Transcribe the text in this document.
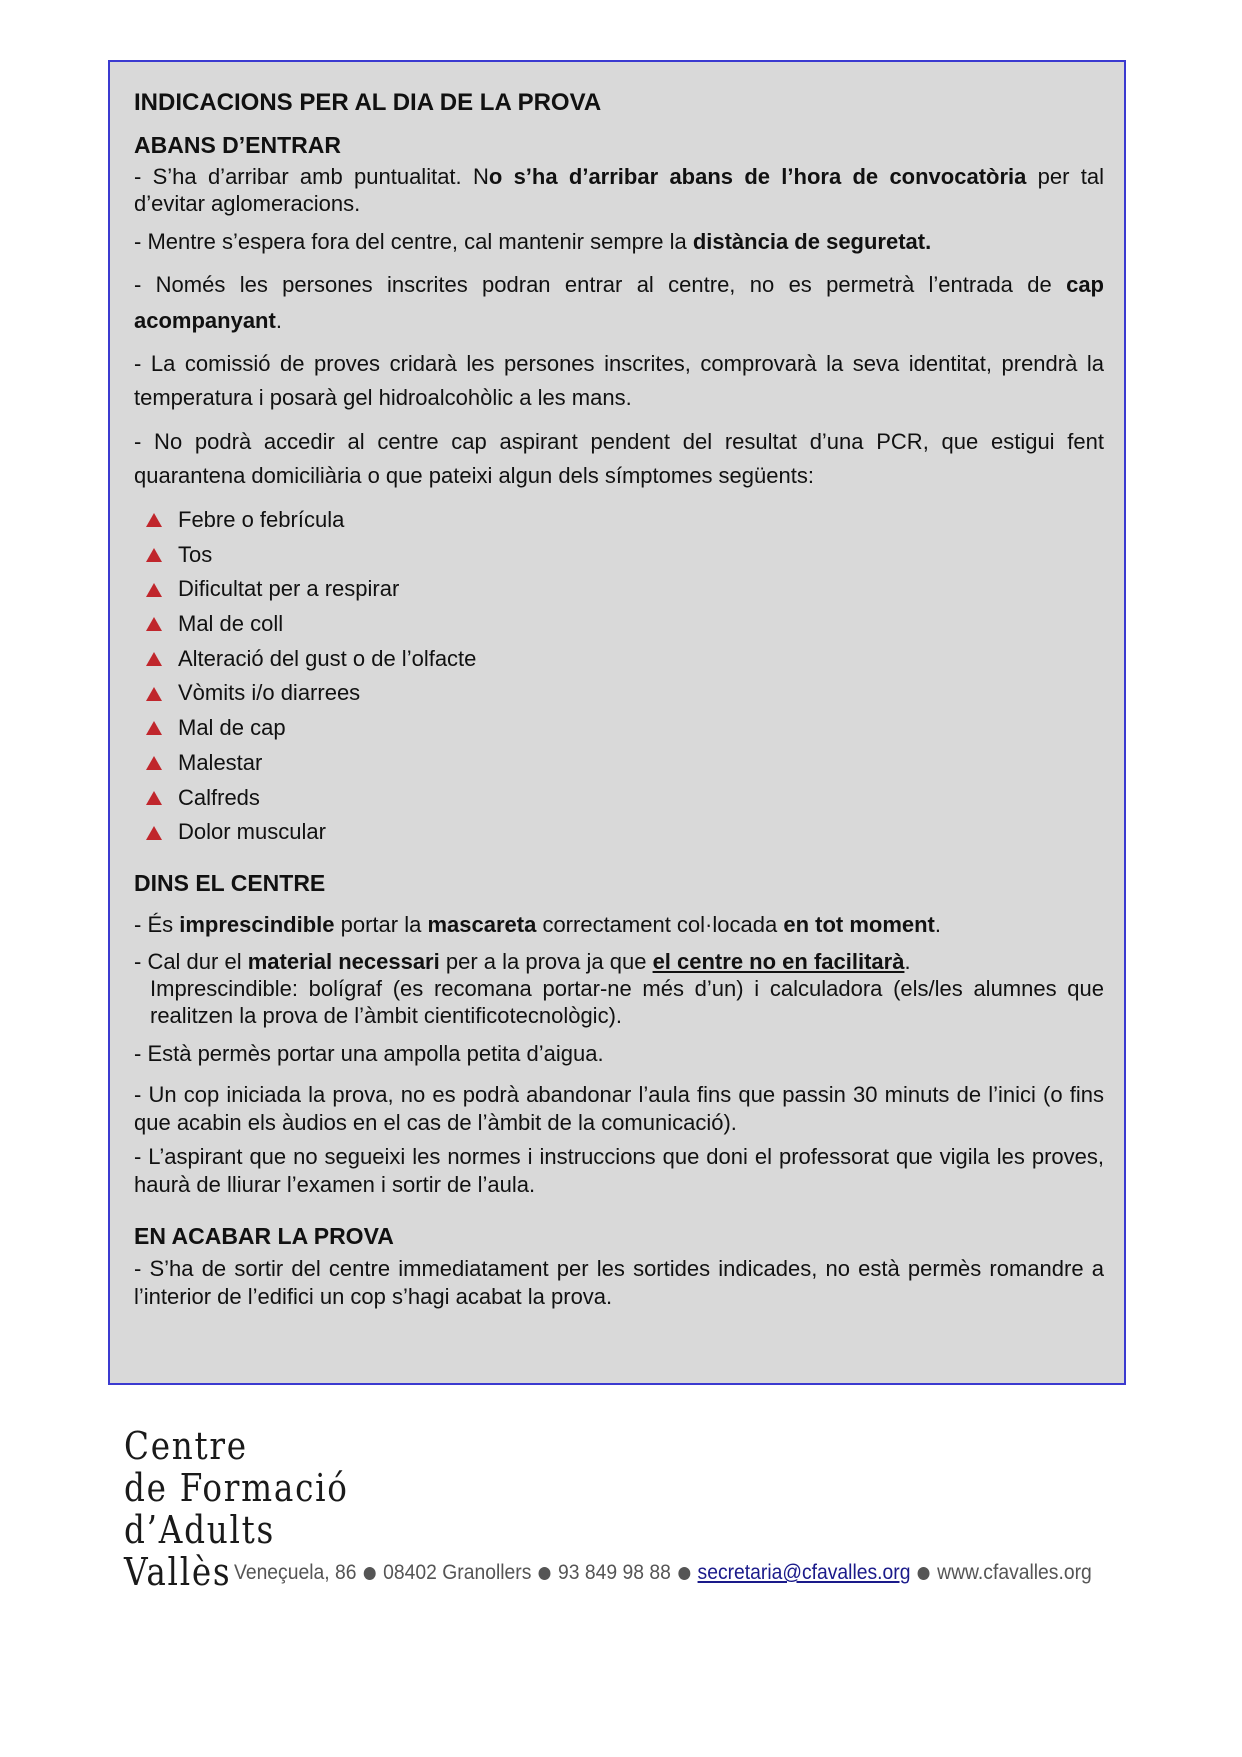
INDICACIONS PER AL DIA DE LA PROVA
ABANS D’ENTRAR

- S’ha d’arribar amb puntualitat. No s’ha d’arribar abans de l’hora de convocatòria per tal d’evitar aglomeracions.

- Mentre s’espera fora del centre, cal mantenir sempre la distància de seguretat.

- Només les persones inscrites podran entrar al centre, no es permetrà l’entrada de cap acompanyant.

- La comissió de proves cridarà les persones inscrites, comprovarà la seva identitat, prendrà la temperatura i posarà gel hidroalcohòlic a les mans.

- No podrà accedir al centre cap aspirant pendent del resultat d’una PCR, que estigui fent quarantena domiciliària o que pateixi algun dels símptomes següents:

Febre o febrícula
Tos
Dificultat per a respirar
Mal de coll
Alteració del gust o de l’olfacte
Vòmits i/o diarrees
Mal de cap
Malestar
Calfreds
Dolor muscular
DINS EL CENTRE

- És imprescindible portar la mascareta correctament col·locada en tot moment.

- Cal dur el material necessari per a la prova ja que el centre no en facilitarà.

Imprescindible: bolígraf (es recomana portar-ne més d’un) i calculadora (els/les alumnes que realitzen la prova de l’àmbit cientificotecnològic).

- Està permès portar una ampolla petita d’aigua.

- Un cop iniciada la prova, no es podrà abandonar l’aula fins que passin 30 minuts de l’inici (o fins que acabin els àudios en el cas de l’àmbit de la comunicació).

- L’aspirant que no segueixi les normes i instruccions que doni el professorat que vigila les proves, haurà de lliurar l’examen i sortir de l’aula.

EN ACABAR LA PROVA

- S’ha de sortir del centre immediatament per les sortides indicades, no està permès romandre a l’interior de l’edifici un cop s’hagi acabat la prova.

Centre
de Formació
d’Adults
Vallès Veneçuela, 86 08402 Granollers 93 849 98 88 secretaria@cfavalles.org www.cfavalles.org
